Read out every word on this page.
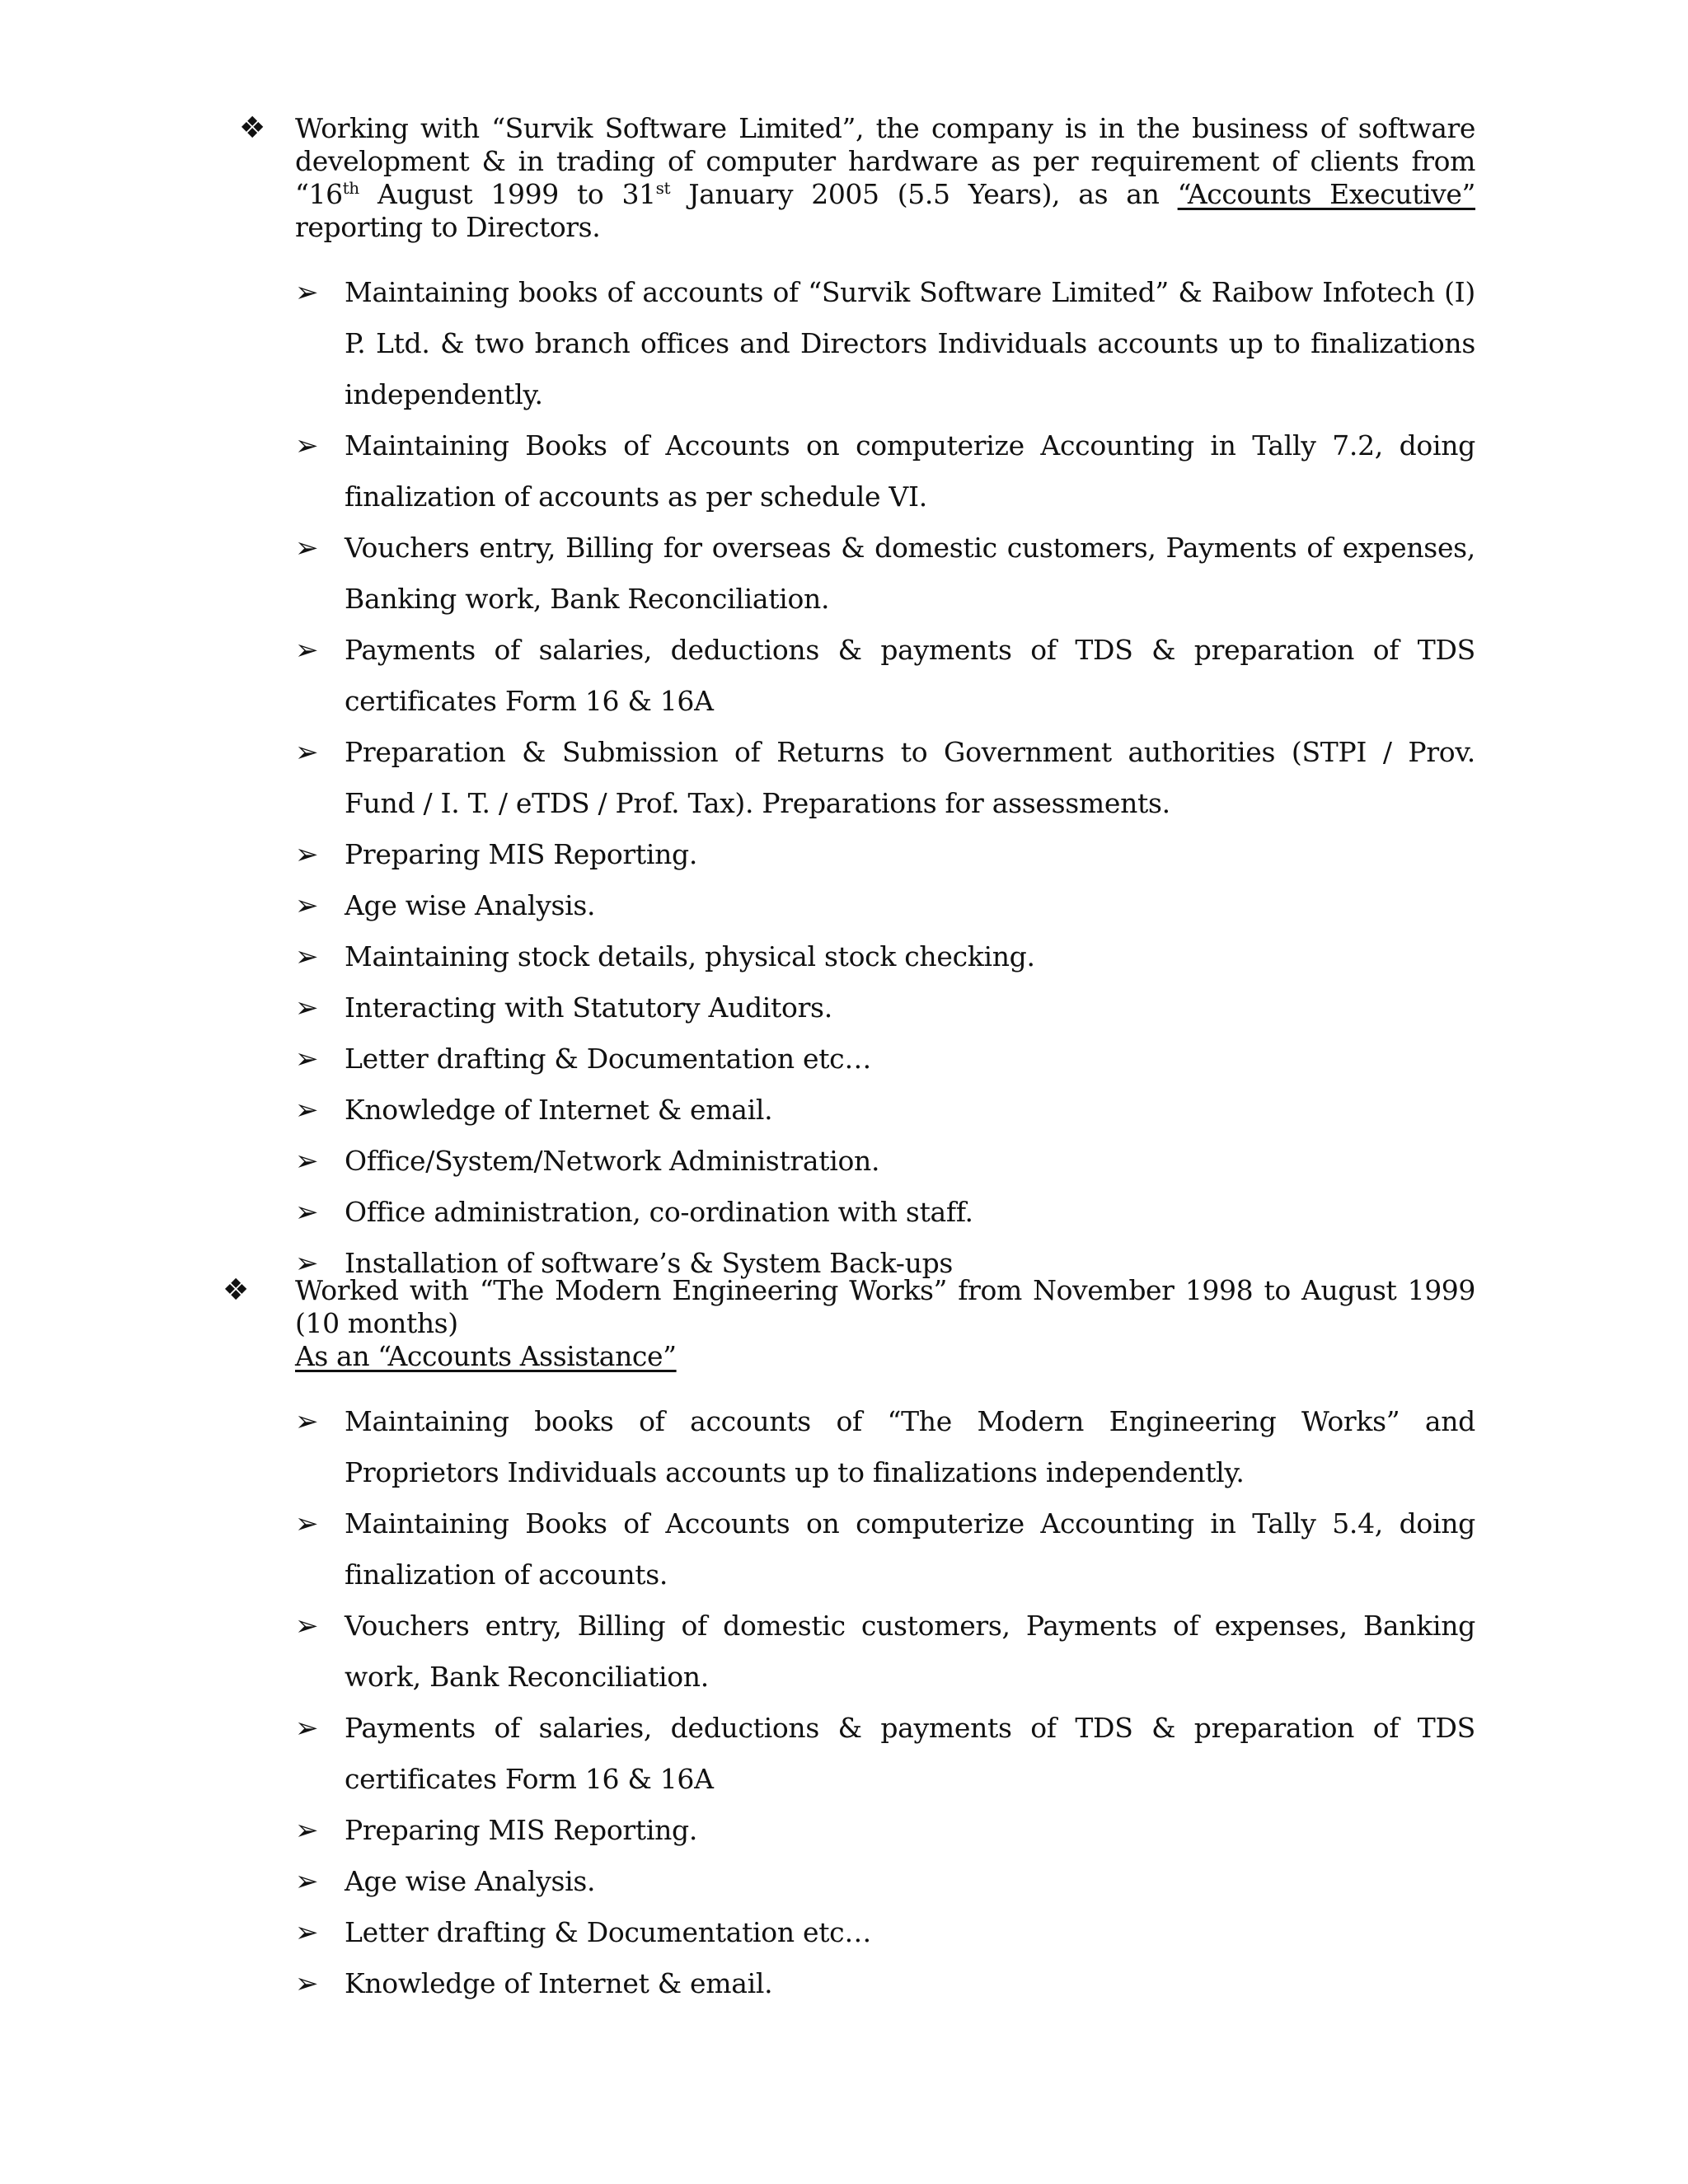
❖ Working with “Survik Software Limited”, the company is in the business of software development & in trading of computer hardware as per requirement of clients from “16th August 1999 to 31st January 2005 (5.5 Years), as an “Accounts Executive” reporting to Directors.
➢ Maintaining books of accounts of “Survik Software Limited” & Raibow Infotech (I) P. Ltd. & two branch offices and Directors Individuals accounts up to finalizations independently.
➢ Maintaining Books of Accounts on computerize Accounting in Tally 7.2, doing finalization of accounts as per schedule VI.
➢ Vouchers entry, Billing for overseas & domestic customers, Payments of expenses, Banking work, Bank Reconciliation.
➢ Payments of salaries, deductions & payments of TDS & preparation of TDS certificates Form 16 & 16A
➢ Preparation & Submission of Returns to Government authorities (STPI / Prov. Fund / I. T. / eTDS / Prof. Tax). Preparations for assessments.
➢ Preparing MIS Reporting.
➢ Age wise Analysis.
➢ Maintaining stock details, physical stock checking.
➢ Interacting with Statutory Auditors.
➢ Letter drafting & Documentation etc…
➢ Knowledge of Internet & email.
➢ Office/System/Network Administration.
➢ Office administration, co-ordination with staff.
➢ Installation of software’s & System Back-ups
❖ Worked with “The Modern Engineering Works” from November 1998 to August 1999 (10 months)
As an “Accounts Assistance”
➢ Maintaining books of accounts of “The Modern Engineering Works” and Proprietors Individuals accounts up to finalizations independently.
➢ Maintaining Books of Accounts on computerize Accounting in Tally 5.4, doing finalization of accounts.
➢ Vouchers entry, Billing of domestic customers, Payments of expenses, Banking work, Bank Reconciliation.
➢ Payments of salaries, deductions & payments of TDS & preparation of TDS certificates Form 16 & 16A
➢ Preparing MIS Reporting.
➢ Age wise Analysis.
➢ Letter drafting & Documentation etc…
➢ Knowledge of Internet & email.
